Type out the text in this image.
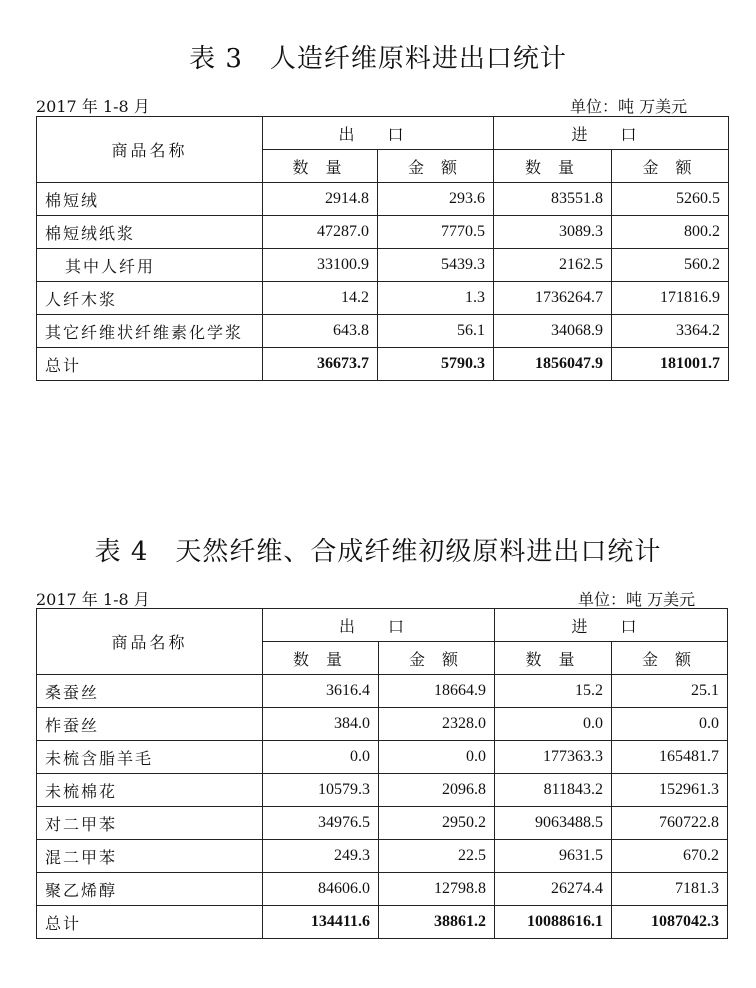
表 3　人造纤维原料进出口统计
2017 年 1-8 月	单位：吨 万美元
商品名称	出 口		进 口	
	数 量	金 额	数 量	金 额
棉短绒	2914.8	293.6	83551.8	5260.5
棉短绒纸浆	47287.0	7770.5	3089.3	800.2
其中人纤用	33100.9	5439.3	2162.5	560.2
人纤木浆	14.2	1.3	1736264.7	171816.9
其它纤维状纤维素化学浆	643.8	56.1	34068.9	3364.2
总计	36673.7	5790.3	1856047.9	181001.7
表 4　天然纤维、合成纤维初级原料进出口统计
2017 年 1-8 月	单位：吨 万美元
商品名称	出 口		进 口	
	数 量	金 额	数 量	金 额
桑蚕丝	3616.4	18664.9	15.2	25.1
柞蚕丝	384.0	2328.0	0.0	0.0
未梳含脂羊毛	0.0	0.0	177363.3	165481.7
未梳棉花	10579.3	2096.8	811843.2	152961.3
对二甲苯	34976.5	2950.2	9063488.5	760722.8
混二甲苯	249.3	22.5	9631.5	670.2
聚乙烯醇	84606.0	12798.8	26274.4	7181.3
总计	134411.6	38861.2	10088616.1	1087042.3
